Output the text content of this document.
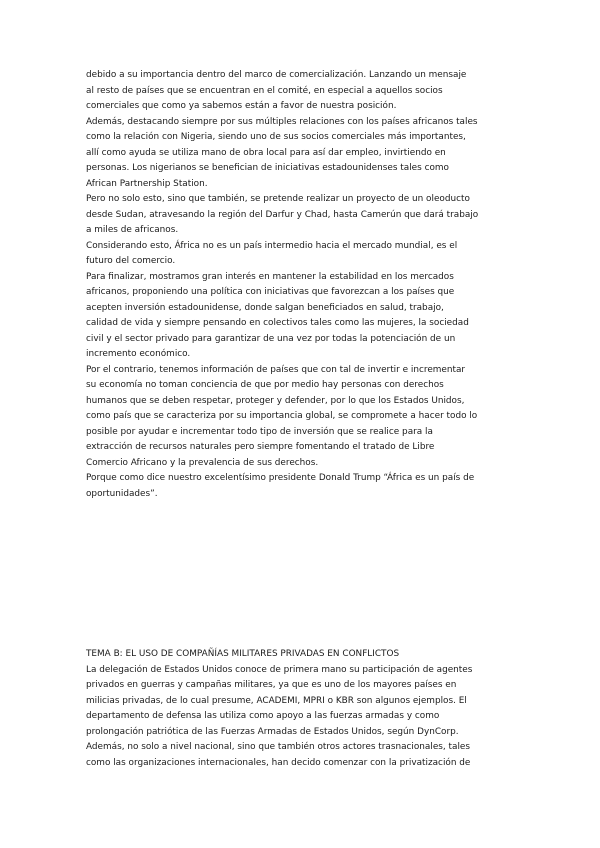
debido a su importancia dentro del marco de comercialización. Lanzando un mensaje
al resto de países que se encuentran en el comité, en especial a aquellos socios
comerciales que como ya sabemos están a favor de nuestra posición.
Además, destacando siempre por sus múltiples relaciones con los países africanos tales
como la relación con Nigeria, siendo uno de sus socios comerciales más importantes,
allí como ayuda se utiliza mano de obra local para así dar empleo, invirtiendo en
personas. Los nigerianos se benefician de iniciativas estadounidenses tales como
African Partnership Station.
Pero no solo esto, sino que también, se pretende realizar un proyecto de un oleoducto
desde Sudan, atravesando la región del Darfur y Chad, hasta Camerún que dará trabajo
a miles de africanos.
Considerando esto, África no es un país intermedio hacia el mercado mundial, es el
futuro del comercio.
Para finalizar, mostramos gran interés en mantener la estabilidad en los mercados
africanos, proponiendo una política con iniciativas que favorezcan a los países que
acepten inversión estadounidense, donde salgan beneficiados en salud, trabajo,
calidad de vida y siempre pensando en colectivos tales como las mujeres, la sociedad
civil y el sector privado para garantizar de una vez por todas la potenciación de un
incremento económico.
Por el contrario, tenemos información de países que con tal de invertir e incrementar
su economía no toman conciencia de que por medio hay personas con derechos
humanos que se deben respetar, proteger y defender, por lo que los Estados Unidos,
como país que se caracteriza por su importancia global, se compromete a hacer todo lo
posible por ayudar e incrementar todo tipo de inversión que se realice para la
extracción de recursos naturales pero siempre fomentando el tratado de Libre
Comercio Africano y la prevalencia de sus derechos.
Porque como dice nuestro excelentísimo presidente Donald Trump “África es un país de
oportunidades”.
TEMA B: EL USO DE COMPAÑÍAS MILITARES PRIVADAS EN CONFLICTOS
La delegación de Estados Unidos conoce de primera mano su participación de agentes
privados en guerras y campañas militares, ya que es uno de los mayores países en
milicias privadas, de lo cual presume, ACADEMI, MPRI o KBR son algunos ejemplos. El
departamento de defensa las utiliza como apoyo a las fuerzas armadas y como
prolongación patriótica de las Fuerzas Armadas de Estados Unidos, según DynCorp.
Además, no solo a nivel nacional, sino que también otros actores trasnacionales, tales
como las organizaciones internacionales, han decido comenzar con la privatización de
